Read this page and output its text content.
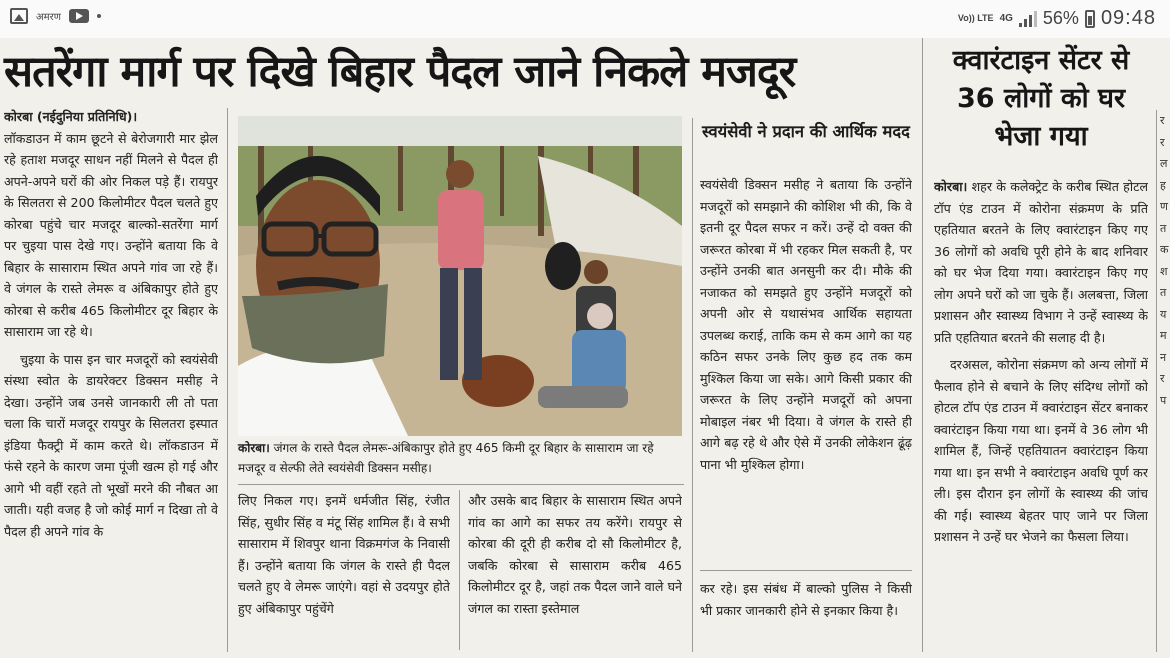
अमरण	Vo)) LTE 4G 56% 09:48
सतरेंगा मार्ग पर दिखे बिहार पैदल जाने निकले मजदूर	क्वारंटाइन सेंटर से 36 लोगों को घर भेजा गया

कोरबा (नईदुनिया प्रतिनिधि)।

लॉकडाउन में काम छूटने से बेरोजगारी मार झेल रहे हताश मजदूर साधन नहीं मिलने से पैदल ही अपने-अपने घरों की ओर निकल पड़े हैं। रायपुर के सिलतरा से 200 किलोमीटर पैदल चलते हुए कोरबा पहुंचे चार मजदूर बाल्को-सतरेंगा मार्ग पर चुइया पास देखे गए। उन्होंने बताया कि वे बिहार के सासाराम स्थित अपने गांव जा रहे हैं। वे जंगल के रास्ते लेमरू व अंबिकापुर होते हुए कोरबा से करीब 465 किलोमीटर दूर बिहार के सासाराम जा रहे थे।

चुइया के पास इन चार मजदूरों को स्वयंसेवी संस्था स्वोत के डायरेक्टर डिक्सन मसीह ने देखा। उन्होंने जब उनसे जानकारी ली तो पता चला कि चारों मजदूर रायपुर के सिलतरा इस्पात इंडिया फैक्ट्री में काम करते थे। लॉकडाउन में फंसे रहने के कारण जमा पूंजी खत्म हो गई और आगे भी वहीं रहते तो भूखों मरने की नौबत आ जाती। यही वजह है जो कोई मार्ग न दिखा तो वे पैदल ही अपने गांव के

कोरबा। जंगल के रास्ते पैदल लेमरू-अंबिकापुर होते हुए 465 किमी दूर बिहार के सासाराम जा रहे मजदूर व सेल्फी लेते स्वयंसेवी डिक्सन मसीह।
लिए निकल गए। इनमें धर्मजीत सिंह, रंजीत सिंह, सुधीर सिंह व मंटू सिंह शामिल हैं। वे सभी सासाराम में शिवपुर थाना विक्रमगंज के निवासी हैं। उन्होंने बताया कि जंगल के रास्ते ही पैदल चलते हुए वे लेमरू जाएंगे। वहां से उदयपुर होते हुए अंबिकापुर पहुंचेंगे
और उसके बाद बिहार के सासाराम स्थित अपने गांव का आगे का सफर तय करेंगे। रायपुर से कोरबा की दूरी ही करीब दो सौ किलोमीटर है, जबकि कोरबा से सासाराम करीब 465 किलोमीटर दूर है, जहां तक पैदल जाने वाले घने जंगल का रास्ता इस्तेमाल
स्वयंसेवी ने प्रदान की आर्थिक मदद
स्वयंसेवी डिक्सन मसीह ने बताया कि उन्होंने मजदूरों को समझाने की कोशिश भी की, कि वे इतनी दूर पैदल सफर न करें। उन्हें दो वक्त की जरूरत कोरबा में भी रहकर मिल सकती है, पर उन्होंने उनकी बात अनसुनी कर दी। मौके की नजाकत को समझते हुए उन्होंने मजदूरों को अपनी ओर से यथासंभव आर्थिक सहायता उपलब्ध कराई, ताकि कम से कम आगे का यह कठिन सफर उनके लिए कुछ हद तक कम मुश्किल किया जा सके। आगे किसी प्रकार की जरूरत के लिए उन्होंने मजदूरों को अपना मोबाइल नंबर भी दिया। वे जंगल के रास्ते ही आगे बढ़ रहे थे और ऐसे में उनकी लोकेशन ढूंढ़ पाना भी मुश्किल होगा।
कर रहे। इस संबंध में बाल्को पुलिस ने किसी भी प्रकार जानकारी होने से इनकार किया है।

कोरबा। शहर के कलेक्ट्रेट के करीब स्थित होटल टॉप एंड टाउन में कोरोना संक्रमण के प्रति एहतियात बरतने के लिए क्वारंटाइन किए गए 36 लोगों को अवधि पूरी होने के बाद शनिवार को घर भेज दिया गया। क्वारंटाइन किए गए लोग अपने घरों को जा चुके हैं। अलबत्ता, जिला प्रशासन और स्वास्थ्य विभाग ने उन्हें स्वास्थ्य के प्रति एहतियात बरतने की सलाह दी है।

दरअसल, कोरोना संक्रमण को अन्य लोगों में फैलाव होने से बचाने के लिए संदिग्ध लोगों को होटल टॉप एंड टाउन में क्वारंटाइन सेंटर बनाकर क्वारंटाइन किया गया था। इनमें वे 36 लोग भी शामिल हैं, जिन्हें एहतियातन क्वारंटाइन किया गया था। इन सभी ने क्वारंटाइन अवधि पूर्ण कर ली। इस दौरान इन लोगों के स्वास्थ्य की जांच की गई। स्वास्थ्य बेहतर पाए जाने पर जिला प्रशासन ने उन्हें घर भेजने का फैसला लिया।

र र ल ह ण त क श त य म न र प
